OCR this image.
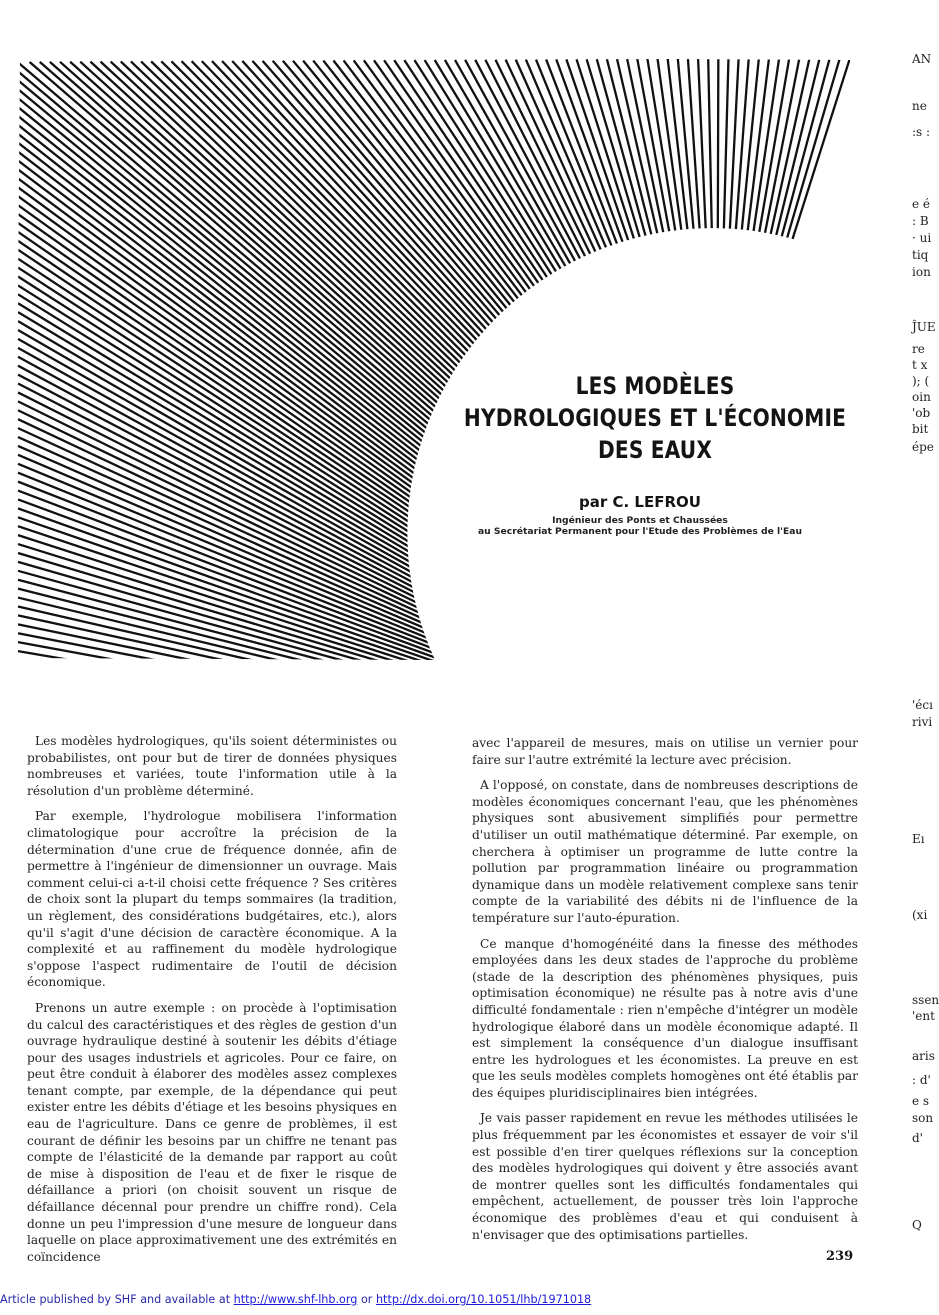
LES MODÈLES
HYDROLOGIQUES ET L'ÉCONOMIE
DES EAUX
par C. LEFROU
Ingénieur des Ponts et Chaussées
au Secrétariat Permanent pour l'Etude des Problèmes de l'Eau

Les modèles hydrologiques, qu'ils soient déterministes ou probabilistes, ont pour but de tirer de données physiques nombreuses et variées, toute l'information utile à la résolution d'un problème déterminé.

Par exemple, l'hydrologue mobilisera l'information climatologique pour accroître la précision de la détermination d'une crue de fréquence donnée, afin de permettre à l'ingénieur de dimensionner un ouvrage. Mais comment celui-ci a-t-il choisi cette fréquence ? Ses critères de choix sont la plupart du temps sommaires (la tradition, un règlement, des considérations budgétaires, etc.), alors qu'il s'agit d'une décision de caractère économique. A la complexité et au raffinement du modèle hydrologique s'oppose l'aspect rudimentaire de l'outil de décision économique.

Prenons un autre exemple : on procède à l'optimisation du calcul des caractéristiques et des règles de gestion d'un ouvrage hydraulique destiné à soutenir les débits d'étiage pour des usages industriels et agricoles. Pour ce faire, on peut être conduit à élaborer des modèles assez complexes tenant compte, par exemple, de la dépendance qui peut exister entre les débits d'étiage et les besoins physiques en eau de l'agriculture. Dans ce genre de problèmes, il est courant de définir les besoins par un chiffre ne tenant pas compte de l'élasticité de la demande par rapport au coût de mise à disposition de l'eau et de fixer le risque de défaillance a priori (on choisit souvent un risque de défaillance décennal pour prendre un chiffre rond). Cela donne un peu l'impression d'une mesure de longueur dans laquelle on place approximativement une des extrémités en coïncidence

avec l'appareil de mesures, mais on utilise un vernier pour faire sur l'autre extrémité la lecture avec précision.

A l'opposé, on constate, dans de nombreuses descriptions de modèles économiques concernant l'eau, que les phénomènes physiques sont abusivement simplifiés pour permettre d'utiliser un outil mathématique déterminé. Par exemple, on cherchera à optimiser un programme de lutte contre la pollution par programmation linéaire ou programmation dynamique dans un modèle relativement complexe sans tenir compte de la variabilité des débits ni de l'influence de la température sur l'auto-épuration.

Ce manque d'homogénéité dans la finesse des méthodes employées dans les deux stades de l'approche du problème (stade de la description des phénomènes physiques, puis optimisation économique) ne résulte pas à notre avis d'une difficulté fondamentale : rien n'empêche d'intégrer un modèle hydrologique élaboré dans un modèle économique adapté. Il est simplement la conséquence d'un dialogue insuffisant entre les hydrologues et les économistes. La preuve en est que les seuls modèles complets homogènes ont été établis par des équipes pluridisciplinaires bien intégrées.

Je vais passer rapidement en revue les méthodes utilisées le plus fréquemment par les économistes et essayer de voir s'il est possible d'en tirer quelques réflexions sur la conception des modèles hydrologiques qui doivent y être associés avant de montrer quelles sont les difficultés fondamentales qui empêchent, actuellement, de pousser très loin l'approche économique des problèmes d'eau et qui conduisent à n'envisager que des optimisations partielles.

239
Article published by SHF and available at http://www.shf-lhb.org or http://dx.doi.org/10.1051/lhb/1971018
AN
ne
:s :
e é
: B
· ui
tiq
ion
ĴUE
re
t x
); (
oin
'ob
bit
épe
'écı
rivi
Eı
(xi
ssen
'ent
aris
: d'
e s
son
d'
Q
